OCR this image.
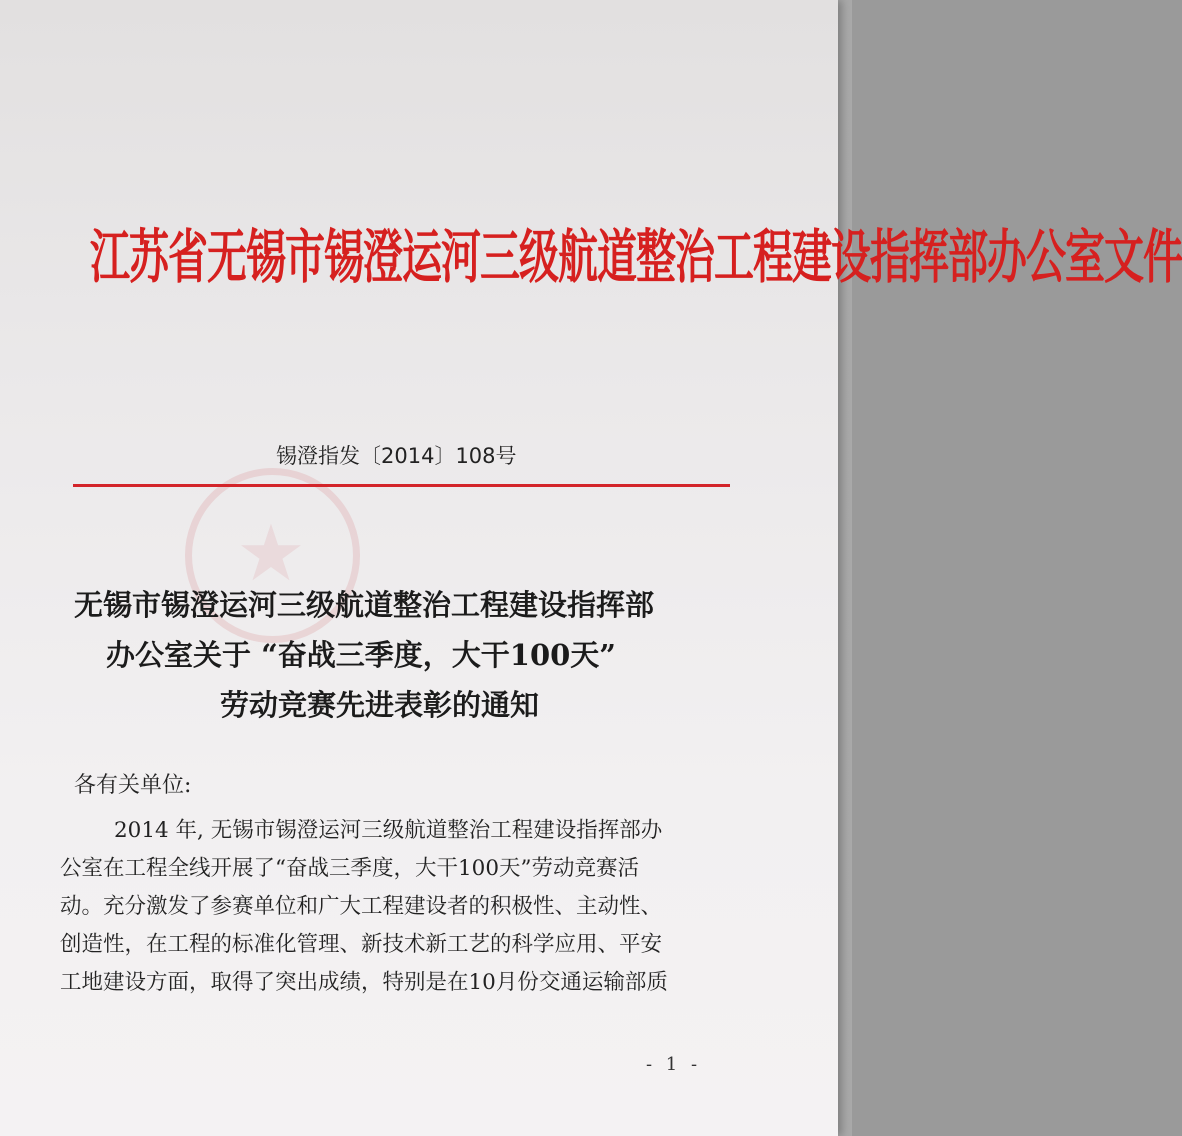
★
江苏省无锡市锡澄运河三级航道整治工程建设指挥部办公室文件
锡澄指发〔2014〕108号
无锡市锡澄运河三级航道整治工程建设指挥部
办公室关于 “奋战三季度，大干100天”
劳动竞赛先进表彰的通知
各有关单位:
2014 年, 无锡市锡澄运河三级航道整治工程建设指挥部办
公室在工程全线开展了“奋战三季度，大干100天”劳动竞赛活
动。充分激发了参赛单位和广大工程建设者的积极性、主动性、
创造性，在工程的标准化管理、新技术新工艺的科学应用、平安
工地建设方面，取得了突出成绩，特别是在10月份交通运输部质
- 1 -
